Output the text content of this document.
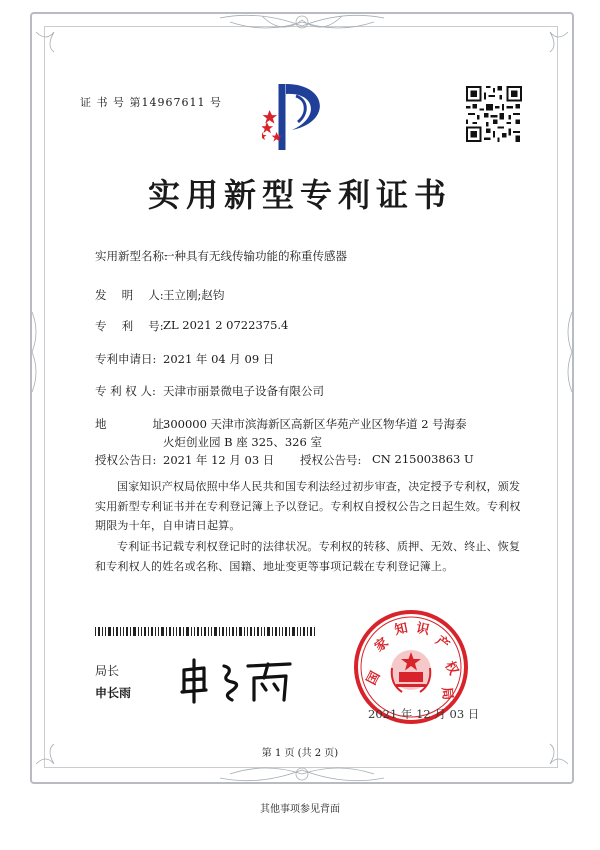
证 书 号 第14967611 号
实用新型专利证书
实用新型名称:
一种具有无线传输功能的称重传感器
发　 明　 人: 王立刚;赵钧
专　 利　 号: ZL 2021 2 0722375.4
专利申请日: 2021 年 04 月 09 日
专 利 权 人: 天津市丽景微电子设备有限公司
地　　　　址:
300000 天津市滨海新区高新区华苑产业区物华道 2 号海泰
火炬创业园 B 座 325、326 室
授权公告日: 2021 年 12 月 03 日 授权公告号: CN 215003863 U
国家知识产权局依照中华人民共和国专利法经过初步审查，决定授予专利权，颁发实用新型专利证书并在专利登记簿上予以登记。专利权自授权公告之日起生效。专利权期限为十年，自申请日起算。
专利证书记载专利权登记时的法律状况。专利权的转移、质押、无效、终止、恢复和专利权人的姓名或名称、国籍、地址变更等事项记载在专利登记簿上。
局长
申长雨
国
家
知 识
产
权
局
2021 年 12 月 03 日
第 1 页 (共 2 页)
其他事项参见背面
